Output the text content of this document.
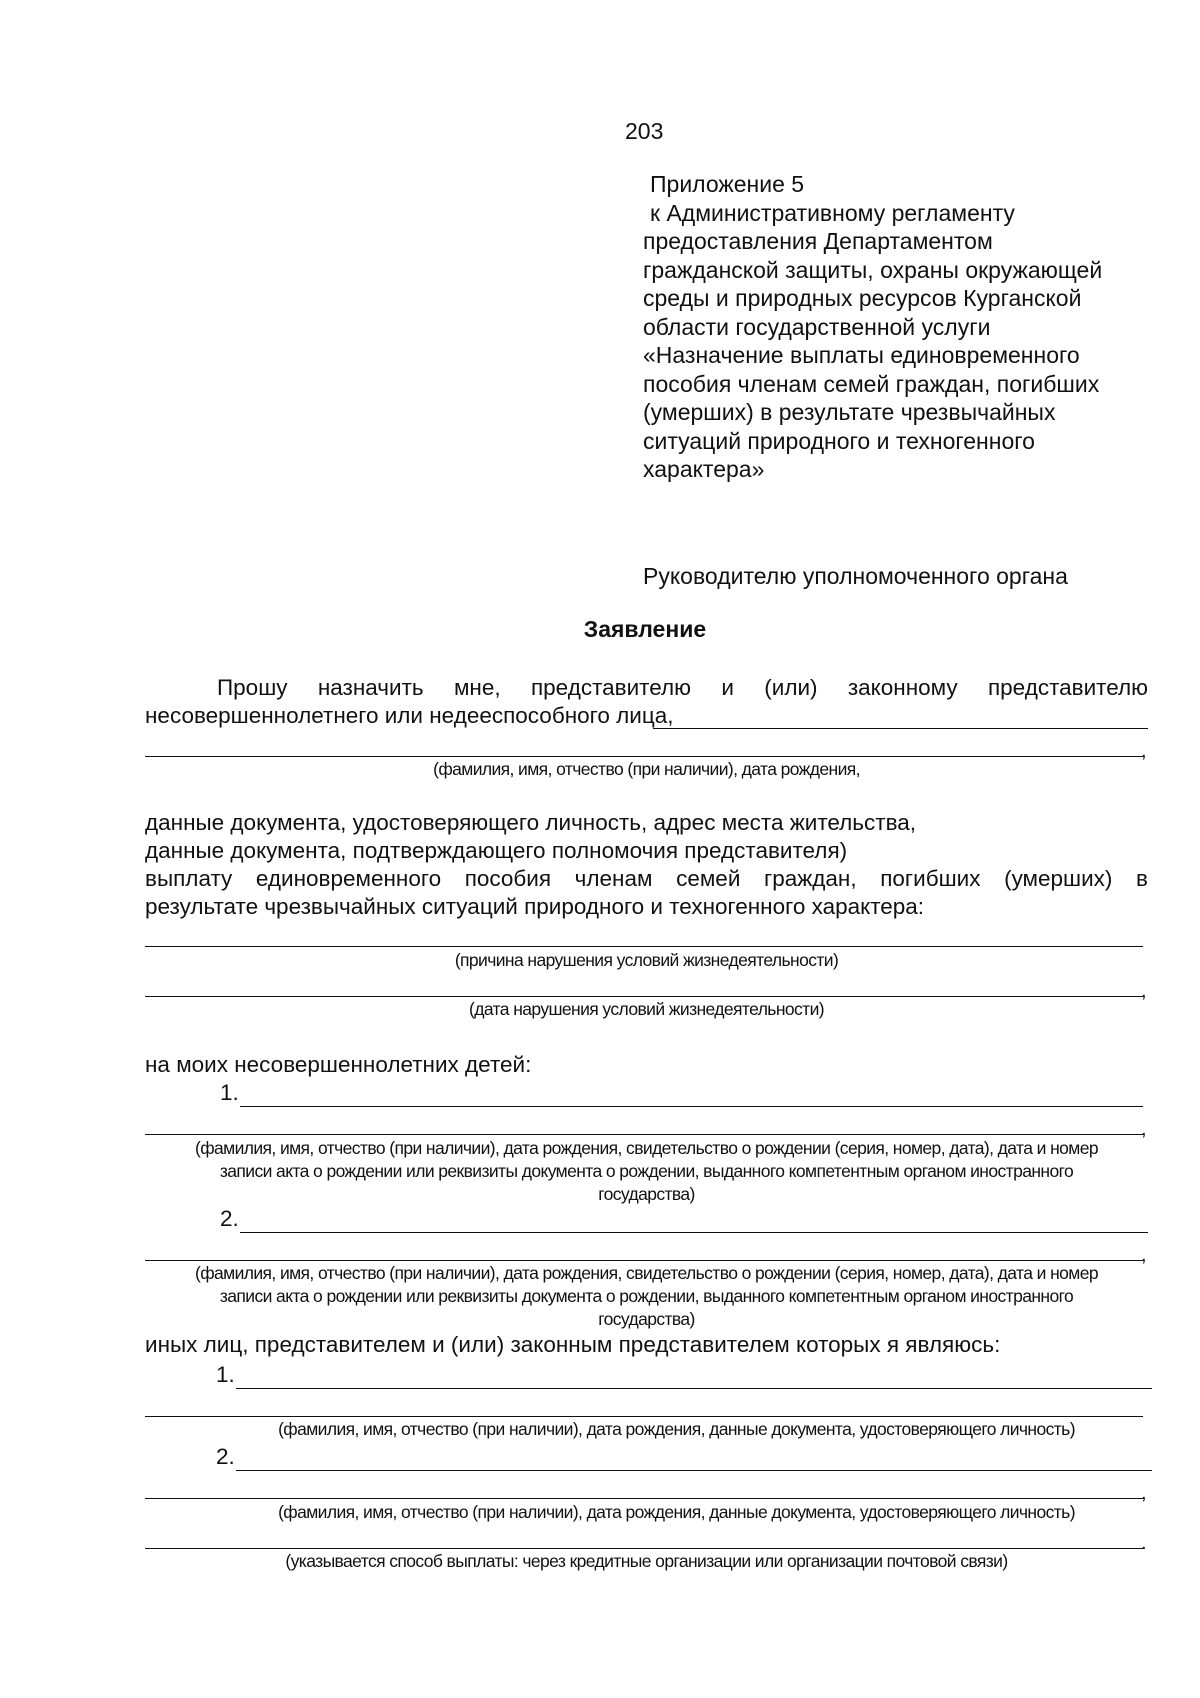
203
Приложение 5
к Административному регламенту
предоставления Департаментом
гражданской защиты, охраны окружающей
среды и природных ресурсов Курганской
области государственной услуги
«Назначение выплаты единовременного
пособия членам семей граждан, погибших
(умерших) в результате чрезвычайных
ситуаций природного и техногенного
характера»
Руководителю уполномоченного органа
Заявление
Прошу назначить мне, представителю и (или) законному представителю
несовершеннолетнего или недееспособного лица,
,
(фамилия, имя, отчество (при наличии), дата рождения,
данные документа, удостоверяющего личность, адрес места жительства,
данные документа, подтверждающего полномочия представителя)
выплату единовременного пособия членам семей граждан, погибших (умерших) в
результате чрезвычайных ситуаций природного и техногенного характера:
(причина нарушения условий жизнедеятельности)
,
(дата нарушения условий жизнедеятельности)
на моих несовершеннолетних детей:
1.
,
(фамилия, имя, отчество (при наличии), дата рождения, свидетельство о рождении (серия, номер, дата), дата и номер
записи акта о рождении или реквизиты документа о рождении, выданного компетентным органом иностранного
государства)
2.
,
(фамилия, имя, отчество (при наличии), дата рождения, свидетельство о рождении (серия, номер, дата), дата и номер
записи акта о рождении или реквизиты документа о рождении, выданного компетентным органом иностранного
государства)
иных лиц, представителем и (или) законным представителем которых я являюсь:
1.
(фамилия, имя, отчество (при наличии), дата рождения, данные документа, удостоверяющего личность)
2.
,
(фамилия, имя, отчество (при наличии), дата рождения, данные документа, удостоверяющего личность)
.
(указывается способ выплаты: через кредитные организации или организации почтовой связи)
